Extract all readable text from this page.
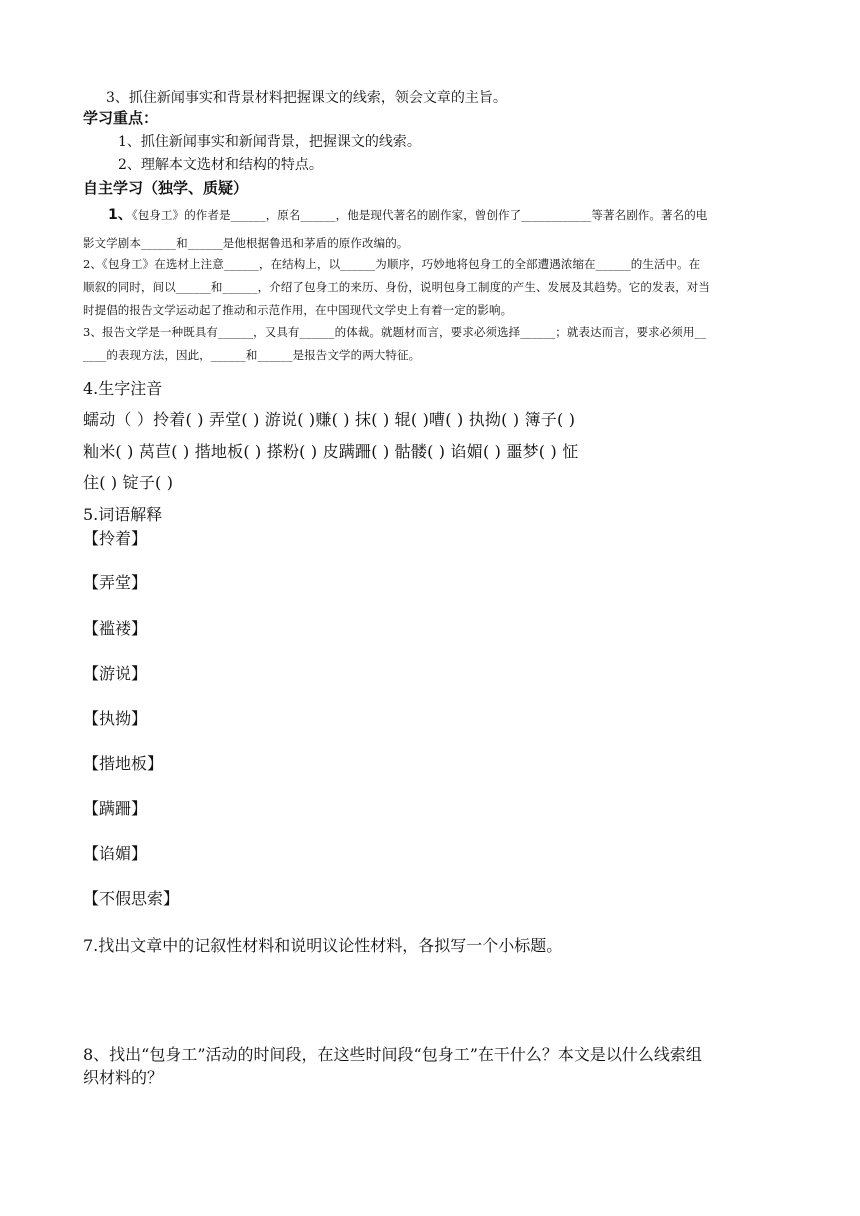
3、抓住新闻事实和背景材料把握课文的线索，领会文章的主旨。
学习重点：
1、抓住新闻事实和新闻背景，把握课文的线索。
2、理解本文选材和结构的特点。
自主学习（独学、质疑）
1、《包身工》的作者是______，原名______，他是现代著名的剧作家，曾创作了____________等著名剧作。著名的电
影文学剧本______和______是他根据鲁迅和茅盾的原作改编的。
2、《包身工》在选材上注意______，在结构上，以______为顺序，巧妙地将包身工的全部遭遇浓缩在______的生活中。在
顺叙的同时，间以______和______，介绍了包身工的来历、身份，说明包身工制度的产生、发展及其趋势。它的发表，对当
时提倡的报告文学运动起了推动和示范作用，在中国现代文学史上有着一定的影响。
3、报告文学是一种既具有______，又具有______的体裁。就题材而言，要求必须选择______；就表达而言，要求必须用__
____的表现方法，因此，______和______是报告文学的两大特征。
4.生字注音
蠕动（ ）拎着( ) 弄堂( ) 游说( )赚( ) 抹( ) 辊( )嘈( ) 执拗( ) 簿子( )
籼米( ) 莴苣( ) 揩地板( ) 搽粉( ) 皮蹒跚( ) 骷髅( ) 谄媚( ) 噩梦( ) 怔
住( ) 锭子( )
5.词语解释
【拎着】
【弄堂】
【褴褛】
【游说】
【执拗】
【揩地板】
【蹒跚】
【谄媚】
【不假思索】
7.找出文章中的记叙性材料和说明议论性材料，各拟写一个小标题。
8、找出“包身工”活动的时间段，在这些时间段“包身工”在干什么？本文是以什么线索组
织材料的？
